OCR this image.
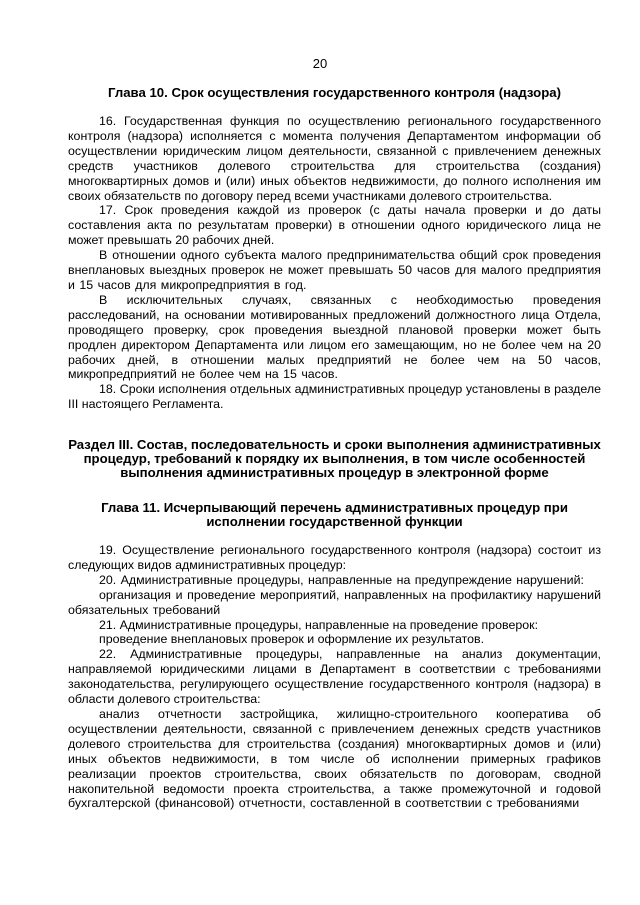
20
Глава 10. Срок осуществления государственного контроля (надзора)

16. Государственная функция по осуществлению регионального государственного контроля (надзора) исполняется с момента получения Департаментом информации об осуществлении юридическим лицом деятельности, связанной с привлечением денежных средств участников долевого строительства для строительства (создания) многоквартирных домов и (или) иных объектов недвижимости, до полного исполнения им своих обязательств по договору перед всеми участниками долевого строительства.

17. Срок проведения каждой из проверок (с даты начала проверки и до даты составления акта по результатам проверки) в отношении одного юридического лица не может превышать 20 рабочих дней.

В отношении одного субъекта малого предпринимательства общий срок проведения внеплановых выездных проверок не может превышать 50 часов для малого предприятия и 15 часов для микропредприятия в год.

В исключительных случаях, связанных с необходимостью проведения расследований, на основании мотивированных предложений должностного лица Отдела, проводящего проверку, срок проведения выездной плановой проверки может быть продлен директором Департамента или лицом его замещающим, но не более чем на 20 рабочих дней, в отношении малых предприятий не более чем на 50 часов, микропредприятий не более чем на 15 часов.

18. Сроки исполнения отдельных административных процедур установлены в разделе III настоящего Регламента.

Раздел III. Состав, последовательность и сроки выполнения административных
процедур, требований к порядку их выполнения, в том числе особенностей
выполнения административных процедур в электронной форме
Глава 11. Исчерпывающий перечень административных процедур при
исполнении государственной функции

19. Осуществление регионального государственного контроля (надзора) состоит из следующих видов административных процедур:

20. Административные процедуры, направленные на предупреждение нарушений:

организация и проведение мероприятий, направленных на профилактику нарушений обязательных требований

21. Административные процедуры, направленные на проведение проверок:

проведение внеплановых проверок и оформление их результатов.

22. Административные процедуры, направленные на анализ документации, направляемой юридическими лицами в Департамент в соответствии с требованиями законодательства, регулирующего осуществление государственного контроля (надзора) в области долевого строительства:

анализ отчетности застройщика, жилищно-строительного кооператива об осуществлении деятельности, связанной с привлечением денежных средств участников долевого строительства для строительства (создания) многоквартирных домов и (или) иных объектов недвижимости, в том числе об исполнении примерных графиков реализации проектов строительства, своих обязательств по договорам, сводной накопительной ведомости проекта строительства, а также промежуточной и годовой бухгалтерской (финансовой) отчетности, составленной в соответствии с требованиями
